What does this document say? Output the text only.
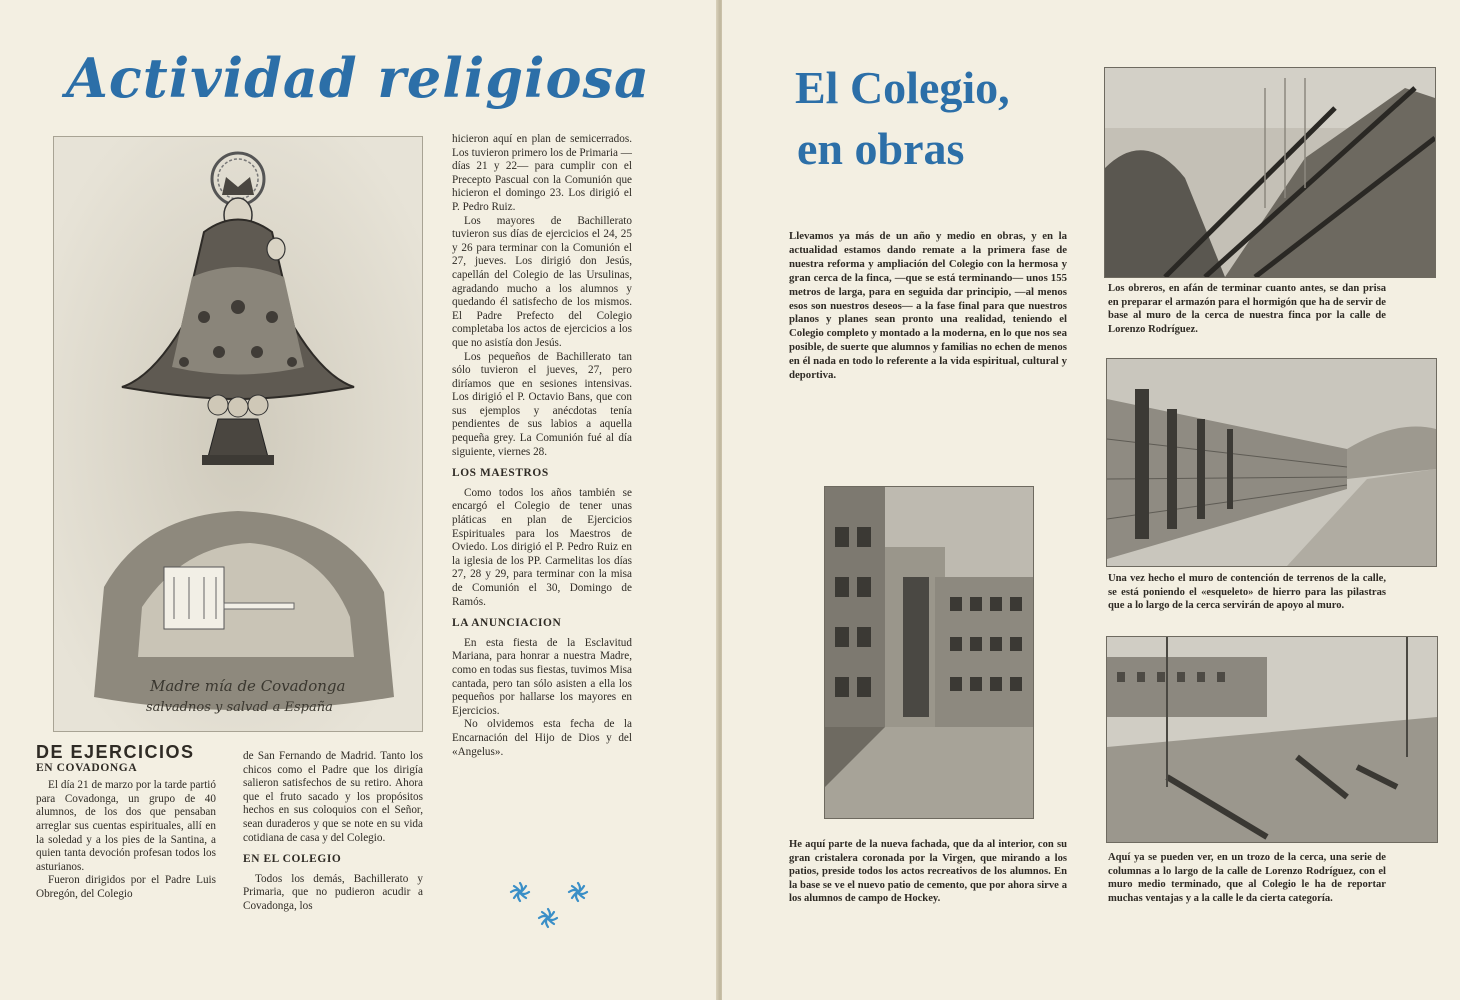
Actividad religiosa
Madre mía de Covadonga
salvadnos y salvad a España
DE EJERCICIOS
EN COVADONGA

El día 21 de marzo por la tarde partió para Covadonga, un grupo de 40 alumnos, de los dos que pensaban arreglar sus cuentas espirituales, allí en la soledad y a los pies de la Santina, a quien tanta devoción profesan todos los asturianos.

Fueron dirigidos por el Padre Luis Obregón, del Colegio

de San Fernando de Madrid. Tanto los chicos como el Padre que los dirigía salieron satisfechos de su retiro. Ahora que el fruto sacado y los propósitos hechos en sus coloquios con el Señor, sean duraderos y que se note en su vida cotidiana de casa y del Colegio.

EN EL COLEGIO

Todos los demás, Bachillerato y Primaria, que no pudieron acudir a Covadonga, los

hicieron aquí en plan de semicerrados. Los tuvieron primero los de Primaria —días 21 y 22— para cumplir con el Precepto Pascual con la Comunión que hicieron el domingo 23. Los dirigió el P. Pedro Ruiz.

Los mayores de Bachillerato tuvieron sus días de ejercicios el 24, 25 y 26 para terminar con la Comunión el 27, jueves. Los dirigió don Jesús, capellán del Colegio de las Ursulinas, agradando mucho a los alumnos y quedando él satisfecho de los mismos. El Padre Prefecto del Colegio completaba los actos de ejercicios a los que no asistía don Jesús.

Los pequeños de Bachillerato tan sólo tuvieron el jueves, 27, pero diríamos que en sesiones intensivas. Los dirigió el P. Octavio Bans, que con sus ejemplos y anécdotas tenía pendientes de sus labios a aquella pequeña grey. La Comunión fué al día siguiente, viernes 28.

LOS MAESTROS

Como todos los años también se encargó el Colegio de tener unas pláticas en plan de Ejercicios Espirituales para los Maestros de Oviedo. Los dirigió el P. Pedro Ruiz en la iglesia de los PP. Carmelitas los días 27, 28 y 29, para terminar con la misa de Comunión el 30, Domingo de Ramós.

LA ANUNCIACION

En esta fiesta de la Esclavitud Mariana, para honrar a nuestra Madre, como en todas sus fiestas, tuvimos Misa cantada, pero tan sólo asisten a ella los pequeños por hallarse los mayores en Ejercicios.

No olvidemos esta fecha de la Encarnación del Hijo de Dios y del «Angelus».

El Colegio,
en obras
Llevamos ya más de un año y medio en obras, y en la actualidad estamos dando remate a la primera fase de nuestra reforma y ampliación del Colegio con la hermosa y gran cerca de la finca, —que se está terminando— unos 155 metros de larga, para en seguida dar principio, —al menos esos son nuestros deseos— a la fase final para que nuestros planos y planes sean pronto una realidad, teniendo el Colegio completo y montado a la moderna, en lo que nos sea posible, de suerte que alumnos y familias no echen de menos en él nada en todo lo referente a la vida espiritual, cultural y deportiva.
He aquí parte de la nueva fachada, que da al interior, con su gran cristalera coronada por la Virgen, que mirando a los patios, preside todos los actos recreativos de los alumnos. En la base se ve el nuevo patio de cemento, que por ahora sirve a los alumnos de campo de Hockey.
Los obreros, en afán de terminar cuanto antes, se dan prisa en preparar el armazón para el hormigón que ha de servir de base al muro de la cerca de nuestra finca por la calle de Lorenzo Rodríguez.
Una vez hecho el muro de contención de terrenos de la calle, se está poniendo el «esqueleto» de hierro para las pilastras que a lo largo de la cerca servirán de apoyo al muro.
Aquí ya se pueden ver, en un trozo de la cerca, una serie de columnas a lo largo de la calle de Lorenzo Rodríguez, con el muro medio terminado, que al Colegio le ha de reportar muchas ventajas y a la calle le da cierta categoría.
